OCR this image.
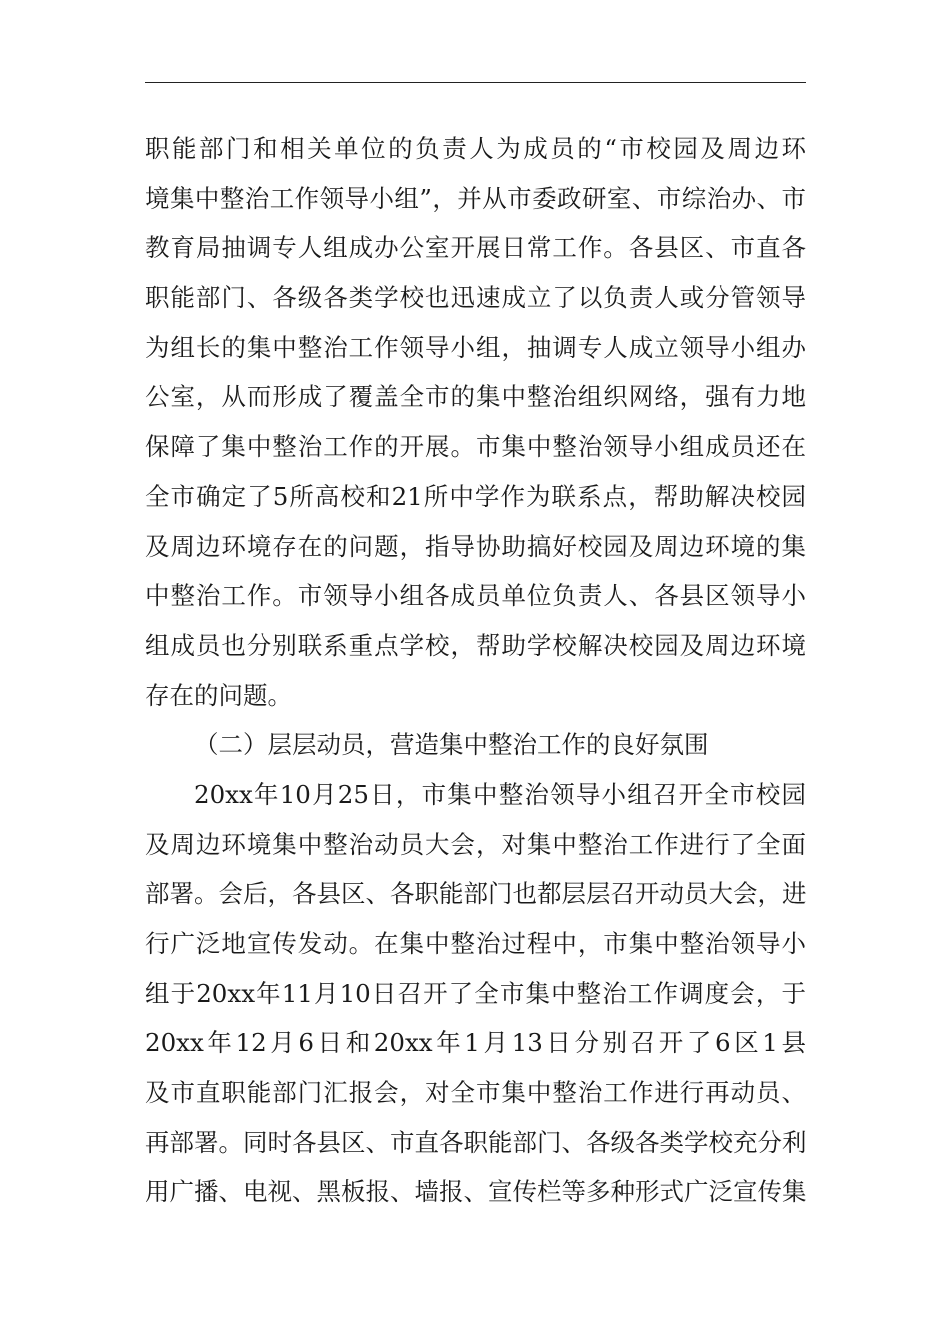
职能部门和相关单位的负责人为成员的“市校园及周边环
境集中整治工作领导小组”，并从市委政研室、市综治办、市
教育局抽调专人组成办公室开展日常工作。各县区、市直各
职能部门、各级各类学校也迅速成立了以负责人或分管领导
为组长的集中整治工作领导小组，抽调专人成立领导小组办
公室，从而形成了覆盖全市的集中整治组织网络，强有力地
保障了集中整治工作的开展。市集中整治领导小组成员还在
全市确定了5所高校和21所中学作为联系点，帮助解决校园
及周边环境存在的问题，指导协助搞好校园及周边环境的集
中整治工作。市领导小组各成员单位负责人、各县区领导小
组成员也分别联系重点学校，帮助学校解决校园及周边环境
存在的问题。
（二）层层动员，营造集中整治工作的良好氛围
20xx年10月25日，市集中整治领导小组召开全市校园
及周边环境集中整治动员大会，对集中整治工作进行了全面
部署。会后，各县区、各职能部门也都层层召开动员大会，进
行广泛地宣传发动。在集中整治过程中，市集中整治领导小
组于20xx年11月10日召开了全市集中整治工作调度会，于
20xx年12月6日和20xx年1月13日分别召开了6区1县
及市直职能部门汇报会，对全市集中整治工作进行再动员、
再部署。同时各县区、市直各职能部门、各级各类学校充分利
用广播、电视、黑板报、墙报、宣传栏等多种形式广泛宣传集
